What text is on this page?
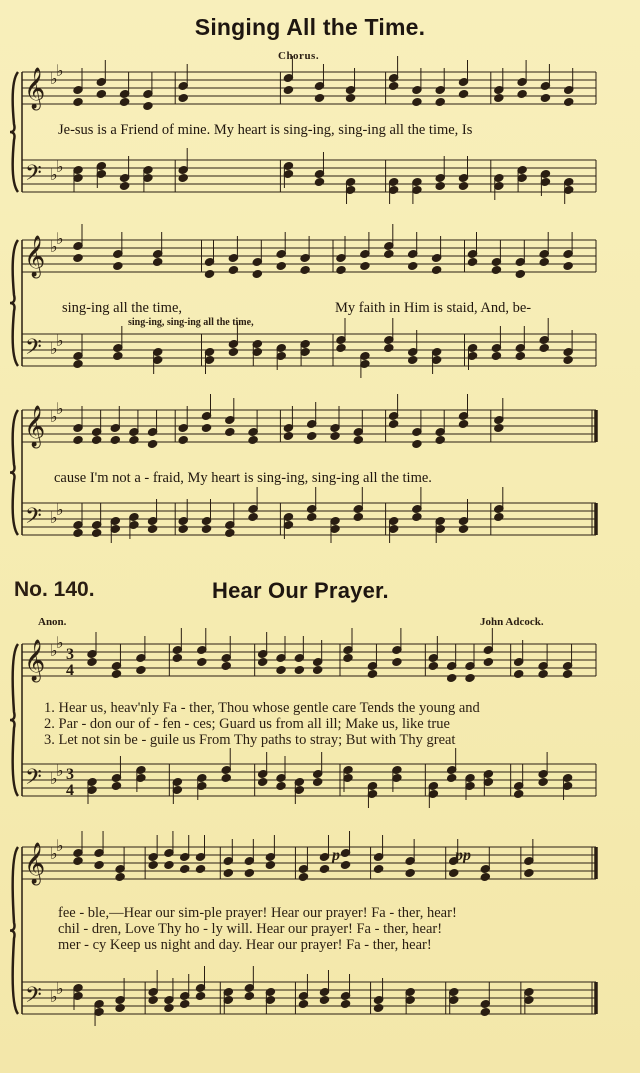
Singing All the Time.
Chorus.
𝄞
𝄢
♭
♭
♭
♭
𝄞
𝄢
♭
♭
♭
♭
𝄞
𝄢
♭
♭
♭
♭
𝄞
𝄢
♭
♭
♭
♭
3
4
3
4
𝄞
𝄢
♭
♭
♭
♭
p	pp
Je-sus is a Friend of mine. My heart is sing-ing, sing-ing all the time, Is
sing-ing all the time,	My faith in Him is staid, And, be-
sing-ing, sing-ing all the time,
cause I'm not a - fraid, My heart is sing-ing, sing-ing all the time.
No. 140.	Hear Our Prayer.
Anon.	John Adcock.
1. Hear us, heav'nly Fa - ther, Thou whose gentle care Tends the young and
2. Par - don our of - fen - ces; Guard us from all ill; Make us, like true
3. Let not sin be - guile us From Thy paths to stray; But with Thy great
fee - ble,—Hear our sim-ple prayer! Hear our prayer! Fa - ther, hear!
chil - dren, Love Thy ho - ly will. Hear our prayer! Fa - ther, hear!
mer - cy Keep us night and day. Hear our prayer! Fa - ther, hear!
